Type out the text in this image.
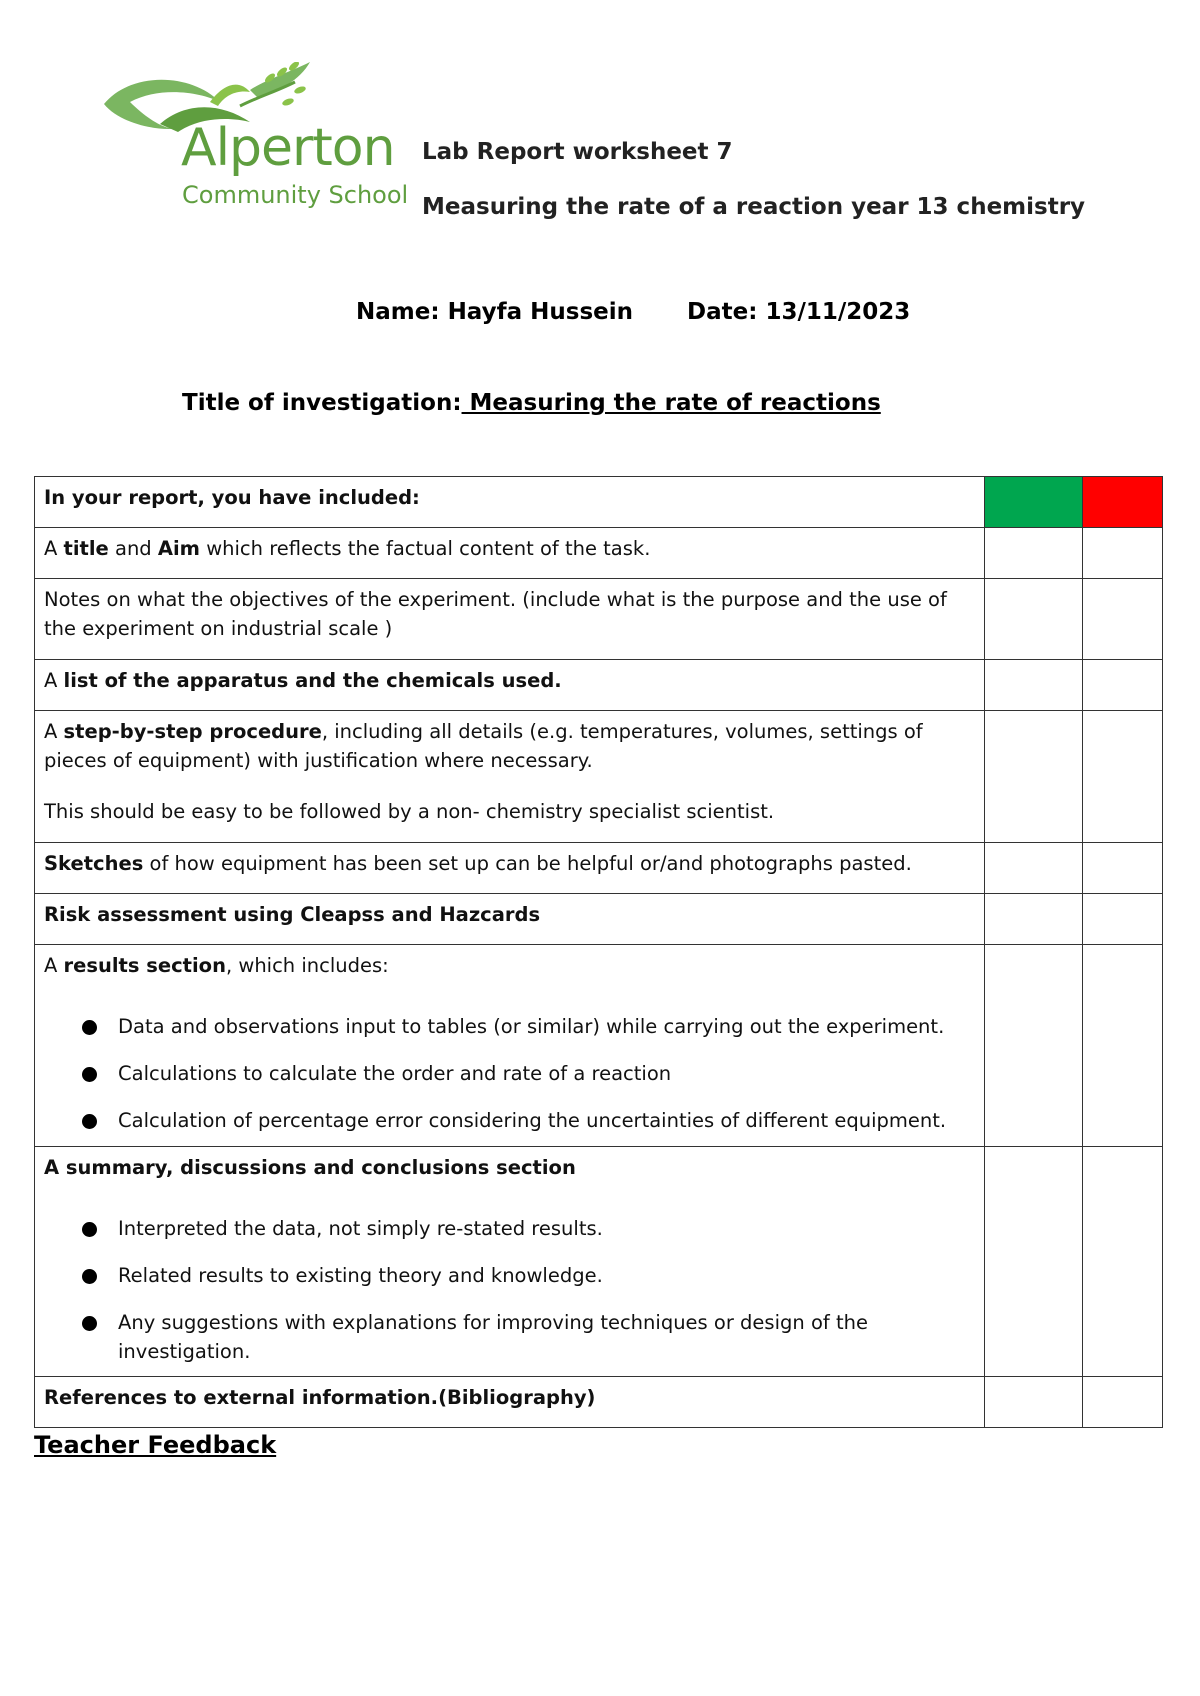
Alperton
Community School
Lab Report worksheet 7
Measuring the rate of a reaction year 13 chemistry
Name: Hayfa Hussein Date: 13/11/2023
Title of investigation: Measuring the rate of reactions
In your report, you have included:		
A title and Aim which reflects the factual content of the task.		
Notes on what the objectives of the experiment. (include what is the purpose and the use of the experiment on industrial scale )		
A list of the apparatus and the chemicals used.		

A step-by-step procedure, including all details (e.g. temperatures, volumes, settings of pieces of equipment) with justification where necessary.
This should be easy to be followed by a non- chemistry specialist scientist.		

Sketches of how equipment has been set up can be helpful or/and photographs pasted.		
Risk assessment using Cleapss and Hazcards		

A results section, which includes:
Data and observations input to tables (or similar) while carrying out the experiment.
Calculations to calculate the order and rate of a reaction
Calculation of percentage error considering the uncertainties of different equipment.		

A summary, discussions and conclusions section
Interpreted the data, not simply re-stated results.
Related results to existing theory and knowledge.
Any suggestions with explanations for improving techniques or design of the investigation.		

References to external information.(Bibliography)		
Teacher Feedback
